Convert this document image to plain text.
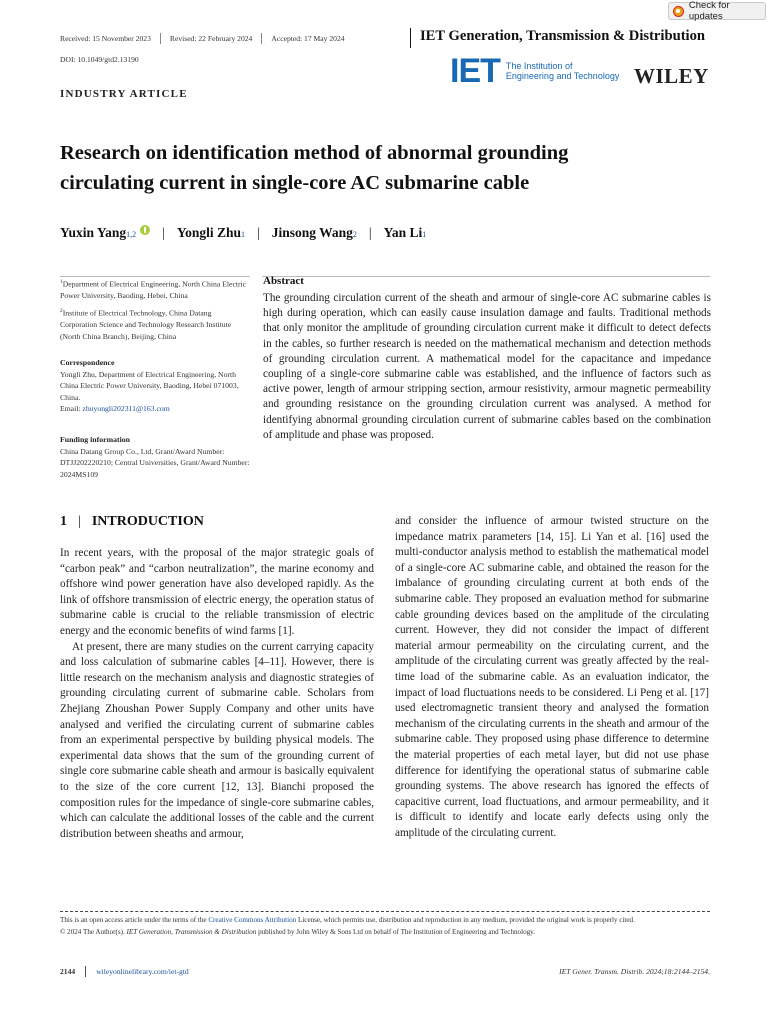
Check for updates
Received: 15 November 2023	Revised: 22 February 2024	Accepted: 17 May 2024	IET Generation, Transmission & Distribution
DOI: 10.1049/gtd2.13190	IET The Institution of
Engineering and Technology WILEY
INDUSTRY ARTICLE
Research on identification method of abnormal grounding
circulating current in single-core AC submarine cable
Yuxin Yang 1,2 | Yongli Zhu 1 | Jinsong Wang 2 | Yan Li 1
$^1$Department of Electrical Engineering, North China Electric Power University, Baoding, Hebei, China
$^2$Institute of Electrical Technology, China Datang Corporation Science and Technology Research Institute (North China Branch), Beijing, China
Correspondence
Yongli Zhu, Department of Electrical Engineering, North China Electric Power University, Baoding, Hebei 071003, China.
Email: zhuyongli202311@163.com
Funding information
China Datang Group Co., Ltd, Grant/Award Number: DTJJ202220210; Central Universities, Grant/Award Number: 2024MS109
Abstract
The grounding circulation current of the sheath and armour of single-core AC submarine cables is high during operation, which can easily cause insulation damage and faults. Traditional methods that only monitor the amplitude of grounding circulation current make it difficult to detect defects in the cables, so further research is needed on the mathematical mechanism and detection methods of grounding circulation current. A mathematical model for the capacitance and impedance coupling of a single-core submarine cable was established, and the influence of factors such as active power, length of armour stripping section, armour resistivity, armour magnetic permeability and grounding resistance on the grounding circulation current was analysed. A method for identifying abnormal grounding circulation current of submarine cables based on the combination of amplitude and phase was proposed.
1 | INTRODUCTION

In recent years, with the proposal of the major strategic goals of “carbon peak” and “carbon neutralization”, the marine economy and offshore wind power generation have also developed rapidly. As the link of offshore transmission of electric energy, the operation status of submarine cable is crucial to the reliable transmission of electric energy and the economic benefits of wind farms [1].

At present, there are many studies on the current carrying capacity and loss calculation of submarine cables [4–11]. However, there is little research on the mechanism analysis and diagnostic strategies of grounding circulating current of submarine cable. Scholars from Zhejiang Zhoushan Power Supply Company and other units have analysed and verified the circulating current of submarine cables from an experimental perspective by building physical models. The experimental data shows that the sum of the grounding current of single core submarine cable sheath and armour is basically equivalent to the size of the core current [12, 13]. Bianchi proposed the composition rules for the impedance of single-core submarine cables, which can calculate the additional losses of the cable and the current distribution between sheaths and armour,

and consider the influence of armour twisted structure on the impedance matrix parameters [14, 15]. Li Yan et al. [16] used the multi-conductor analysis method to establish the mathematical model of a single-core AC submarine cable, and obtained the reason for the imbalance of grounding circulating current at both ends of the submarine cable. They proposed an evaluation method for submarine cable grounding devices based on the amplitude of the circulating current. However, they did not consider the impact of different material armour permeability on the circulating current, and the amplitude of the circulating current was greatly affected by the real-time load of the submarine cable. As an evaluation indicator, the impact of load fluctuations needs to be considered. Li Peng et al. [17] used electromagnetic transient theory and analysed the formation mechanism of the circulating currents in the sheath and armour of the submarine cable. They proposed using phase difference to determine the material properties of each metal layer, but did not use phase difference for identifying the operational status of submarine cable grounding systems. The above research has ignored the effects of capacitive current, load fluctuations, and armour permeability, and it is difficult to identify and locate early defects using only the amplitude of the circulating current.

This is an open access article under the terms of the Creative Commons Attribution License, which permits use, distribution and reproduction in any medium, provided the original work is properly cited.
© 2024 The Author(s). IET Generation, Transmission & Distribution published by John Wiley & Sons Ltd on behalf of The Institution of Engineering and Technology.
2144	wileyonlinelibrary.com/iet-gtd	IET Gener. Transm. Distrib. 2024;18:2144–2154.
